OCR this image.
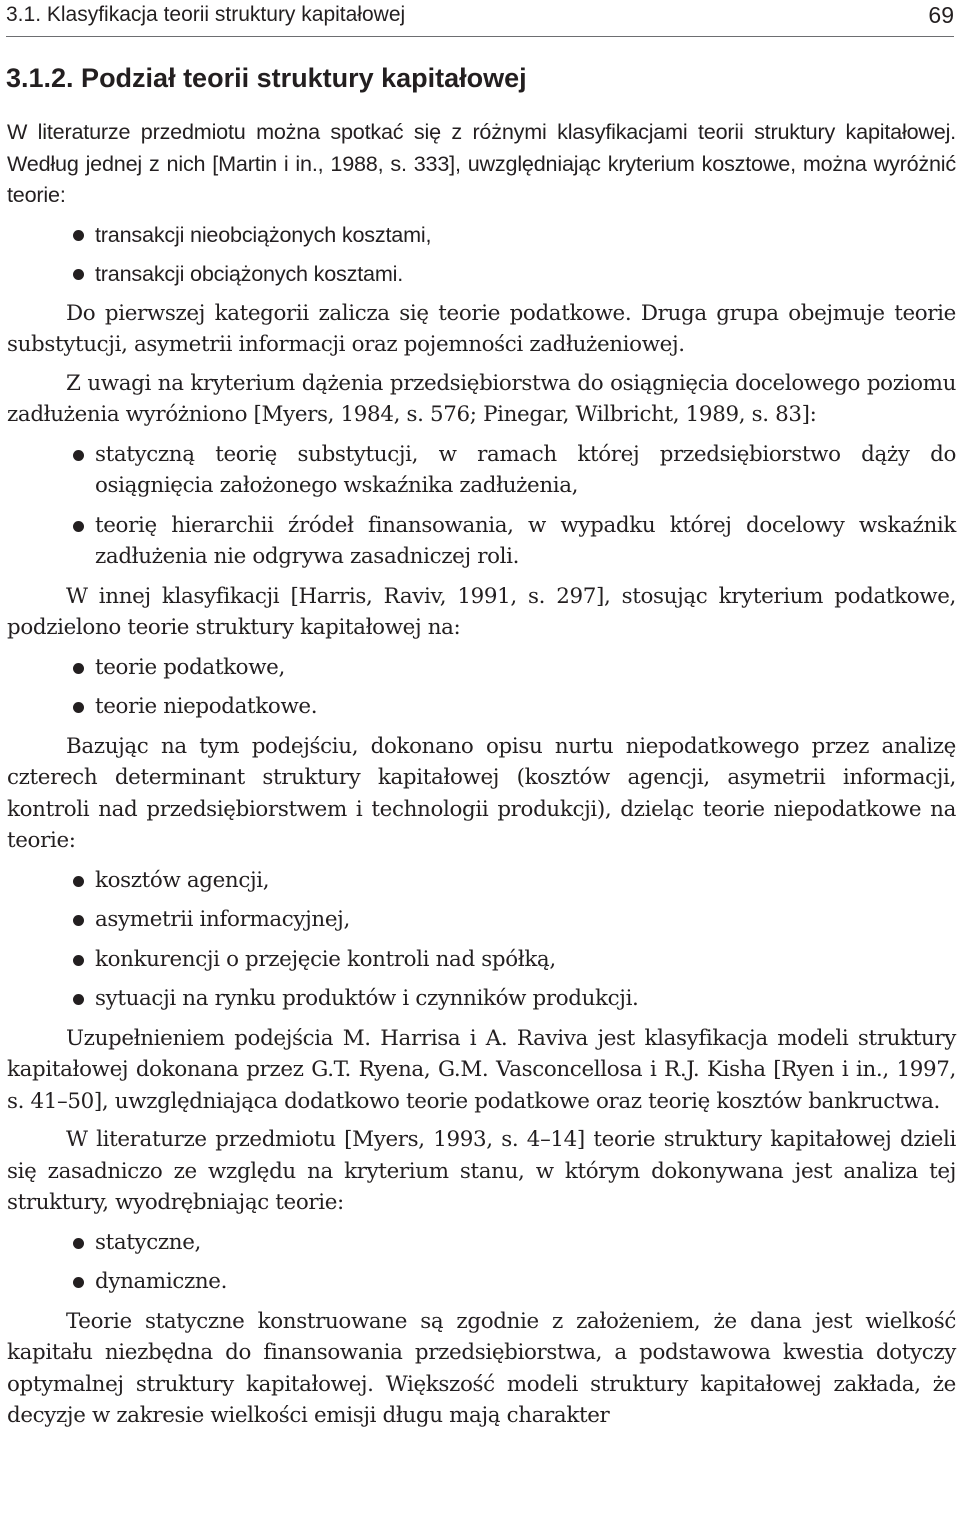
3.1. Klasyfikacja teorii struktury kapitałowej	69
3.1.2. Podział teorii struktury kapitałowej

W literaturze przedmiotu można spotkać się z różnymi klasyfikacjami teorii struktury kapitałowej. Według jednej z nich [Martin i in., 1988, s. 333], uwzględniając kryterium kosztowe, można wyróżnić teorie:

transakcji nieobciążonych kosztami,
transakcji obciążonych kosztami.

Do pierwszej kategorii zalicza się teorie podatkowe. Druga grupa obejmuje teorie substytucji, asymetrii informacji oraz pojemności zadłużeniowej.

Z uwagi na kryterium dążenia przedsiębiorstwa do osiągnięcia docelowego poziomu zadłużenia wyróżniono [Myers, 1984, s. 576; Pinegar, Wilbricht, 1989, s. 83]:

statyczną teorię substytucji, w ramach której przedsiębiorstwo dąży do osiągnięcia założonego wskaźnika zadłużenia,
teorię hierarchii źródeł finansowania, w wypadku której docelowy wskaźnik zadłużenia nie odgrywa zasadniczej roli.

W innej klasyfikacji [Harris, Raviv, 1991, s. 297], stosując kryterium podatkowe, podzielono teorie struktury kapitałowej na:

teorie podatkowe,
teorie niepodatkowe.

Bazując na tym podejściu, dokonano opisu nurtu niepodatkowego przez analizę czterech determinant struktury kapitałowej (kosztów agencji, asymetrii informacji, kontroli nad przedsiębiorstwem i technologii produkcji), dzieląc teorie niepodatkowe na teorie:

kosztów agencji,
asymetrii informacyjnej,
konkurencji o przejęcie kontroli nad spółką,
sytuacji na rynku produktów i czynników produkcji.

Uzupełnieniem podejścia M. Harrisa i A. Raviva jest klasyfikacja modeli struktury kapitałowej dokonana przez G.T. Ryena, G.M. Vasconcellosa i R.J. Kisha [Ryen i in., 1997, s. 41–50], uwzględniająca dodatkowo teorie podatkowe oraz teorię kosztów bankructwa.

W literaturze przedmiotu [Myers, 1993, s. 4–14] teorie struktury kapitałowej dzieli się zasadniczo ze względu na kryterium stanu, w którym dokonywana jest analiza tej struktury, wyodrębniając teorie:

statyczne,
dynamiczne.

Teorie statyczne konstruowane są zgodnie z założeniem, że dana jest wielkość kapitału niezbędna do finansowania przedsiębiorstwa, a podstawowa kwestia dotyczy optymalnej struktury kapitałowej. Większość modeli struktury kapitałowej zakłada, że decyzje w zakresie wielkości emisji długu mają charakter
